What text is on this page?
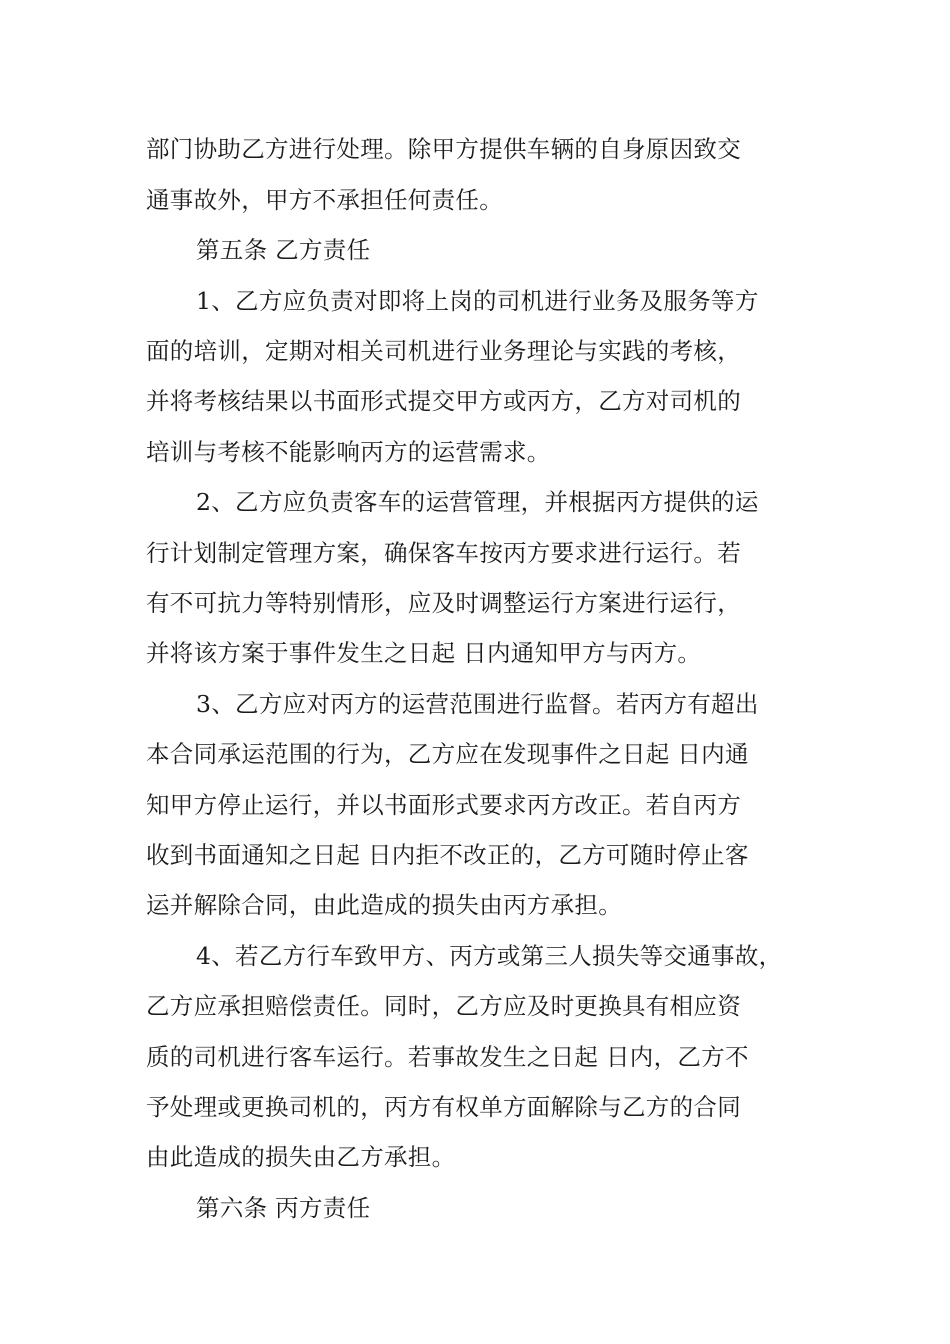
部门协助乙方进行处理。除甲方提供车辆的自身原因致交
通事故外，甲方不承担任何责任。
第五条 乙方责任
1、乙方应负责对即将上岗的司机进行业务及服务等方
面的培训，定期对相关司机进行业务理论与实践的考核，
并将考核结果以书面形式提交甲方或丙方，乙方对司机的
培训与考核不能影响丙方的运营需求。
2、乙方应负责客车的运营管理，并根据丙方提供的运
行计划制定管理方案，确保客车按丙方要求进行运行。若
有不可抗力等特别情形，应及时调整运行方案进行运行，
并将该方案于事件发生之日起 日内通知甲方与丙方。
3、乙方应对丙方的运营范围进行监督。若丙方有超出
本合同承运范围的行为，乙方应在发现事件之日起 日内通
知甲方停止运行，并以书面形式要求丙方改正。若自丙方
收到书面通知之日起 日内拒不改正的，乙方可随时停止客
运并解除合同，由此造成的损失由丙方承担。
4、若乙方行车致甲方、丙方或第三人损失等交通事故，
乙方应承担赔偿责任。同时，乙方应及时更换具有相应资
质的司机进行客车运行。若事故发生之日起 日内，乙方不
予处理或更换司机的，丙方有权单方面解除与乙方的合同
由此造成的损失由乙方承担。
第六条 丙方责任
